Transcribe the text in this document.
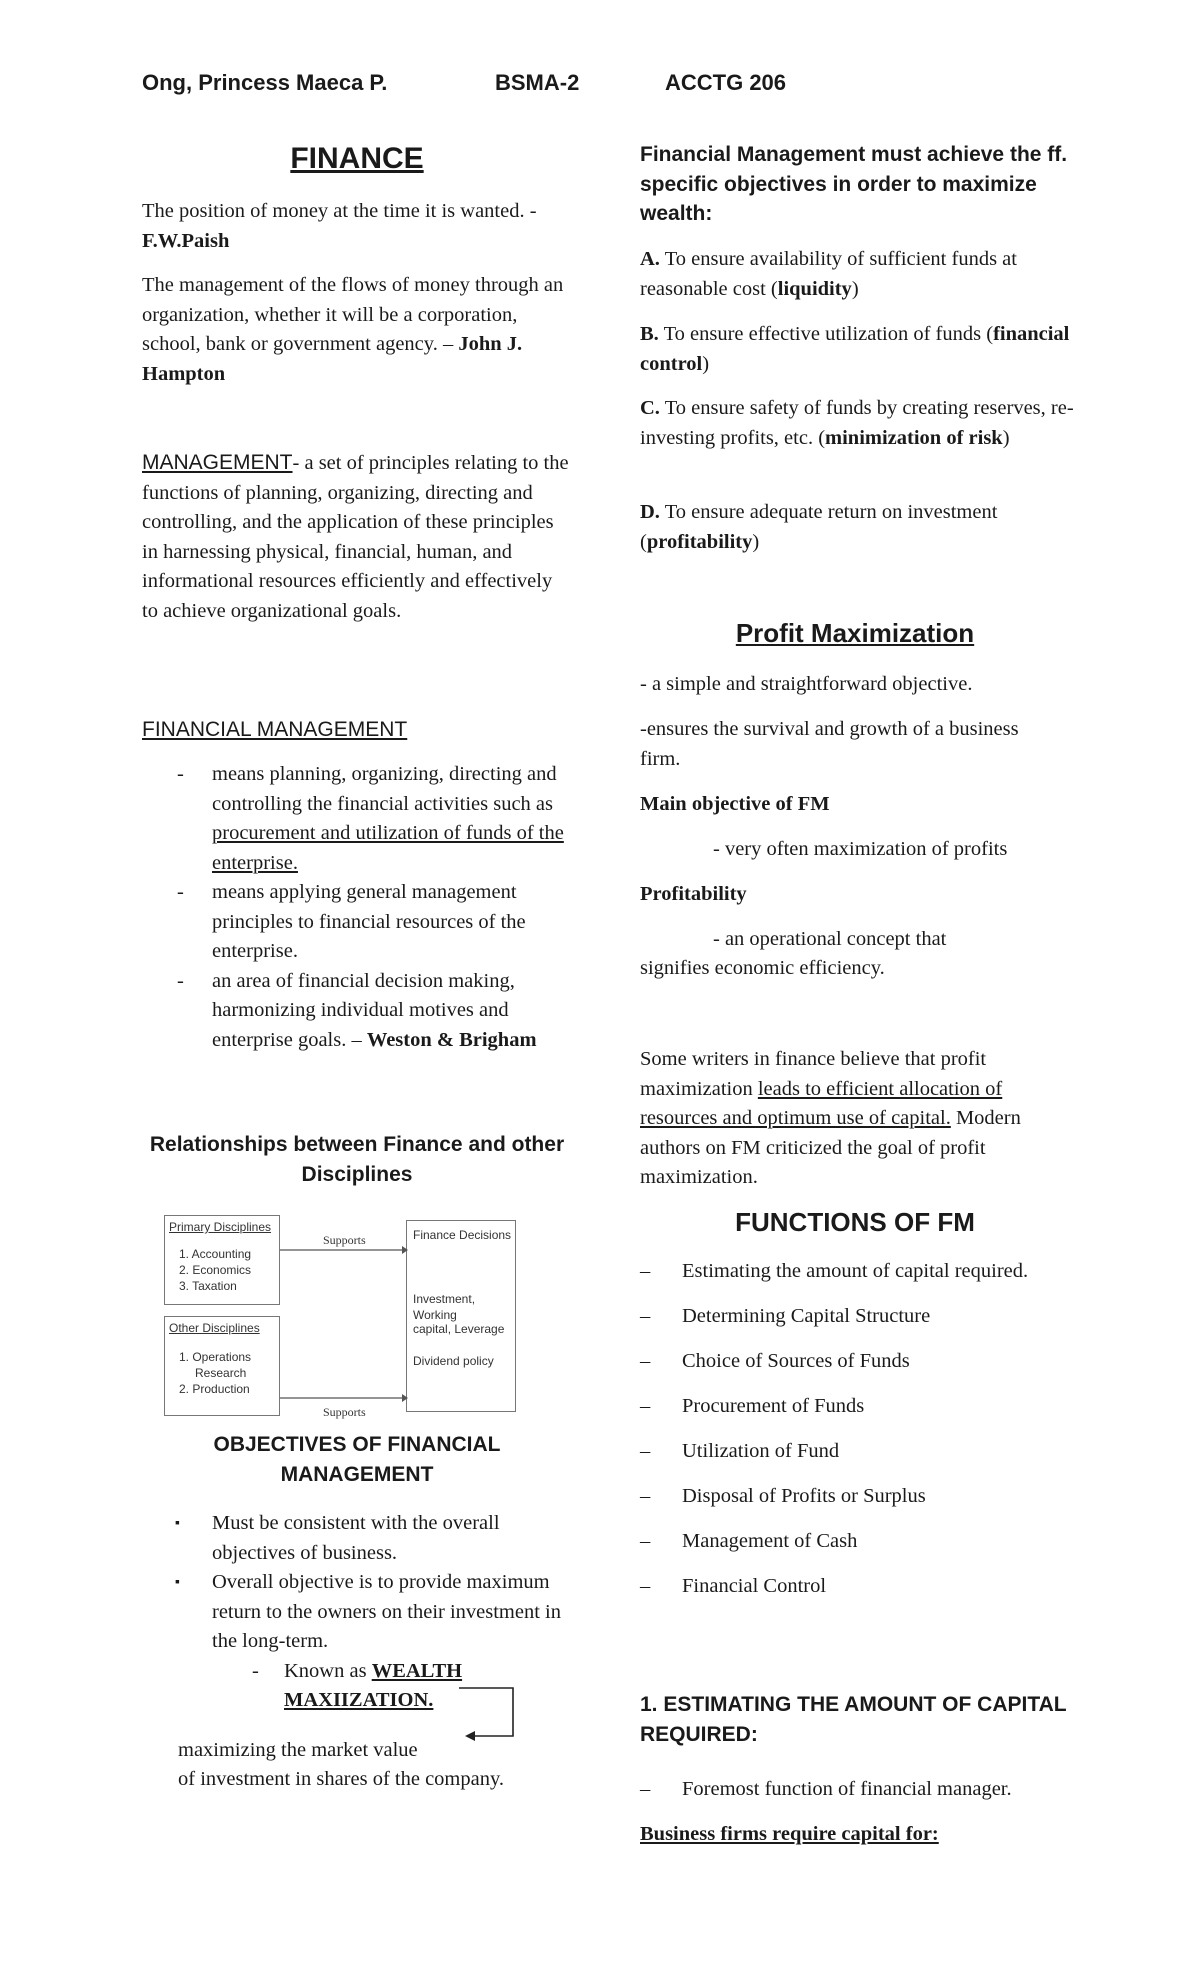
Ong, Princess Maeca P.	BSMA-2	ACCTG 206
FINANCE
The position of money at the time it is wanted. - F.W.Paish
The management of the flows of money through an organization, whether it will be a corporation, school, bank or government agency. – John J. Hampton
MANAGEMENT- a set of principles relating to the functions of planning, organizing, directing and controlling, and the application of these principles in harnessing physical, financial, human, and informational resources efficiently and effectively to achieve organizational goals.
FINANCIAL MANAGEMENT
- means planning, organizing, directing and controlling the financial activities such as procurement and utilization of funds of the enterprise.
- means applying general management principles to financial resources of the enterprise.
- an area of financial decision making, harmonizing individual motives and enterprise goals. – Weston & Brigham
Relationships between Finance and other Disciplines
Primary Disciplines
1. Accounting
2. Economics
3. Taxation
Other Disciplines
1. Operations
Research
2. Production
Finance Decisions
Investment, Working
capital, Leverage
Dividend policy
Supports
Supports
OBJECTIVES OF FINANCIAL MANAGEMENT
▪ Must be consistent with the overall objectives of business.
▪ Overall objective is to provide maximum return to the owners on their investment in the long-term.
- Known as WEALTH MAXIIZATION.
maximizing the market value
of investment in shares of the company.
Financial Management must achieve the ff. specific objectives in order to maximize wealth:
A. To ensure availability of sufficient funds at reasonable cost (liquidity)
B. To ensure effective utilization of funds (financial control)
C. To ensure safety of funds by creating reserves, re-investing profits, etc. (minimization of risk)
D. To ensure adequate return on investment (profitability)
Profit Maximization
- a simple and straightforward objective.
-ensures the survival and growth of a business firm.
Main objective of FM
- very often maximization of profits
Profitability
- an operational concept that
signifies economic efficiency.
Some writers in finance believe that profit maximization leads to efficient allocation of resources and optimum use of capital. Modern authors on FM criticized the goal of profit maximization.
FUNCTIONS OF FM
– Estimating the amount of capital required.
– Determining Capital Structure
– Choice of Sources of Funds
– Procurement of Funds
– Utilization of Fund
– Disposal of Profits or Surplus
– Management of Cash
– Financial Control
1. ESTIMATING THE AMOUNT OF CAPITAL REQUIRED:
– Foremost function of financial manager.
Business firms require capital for:
